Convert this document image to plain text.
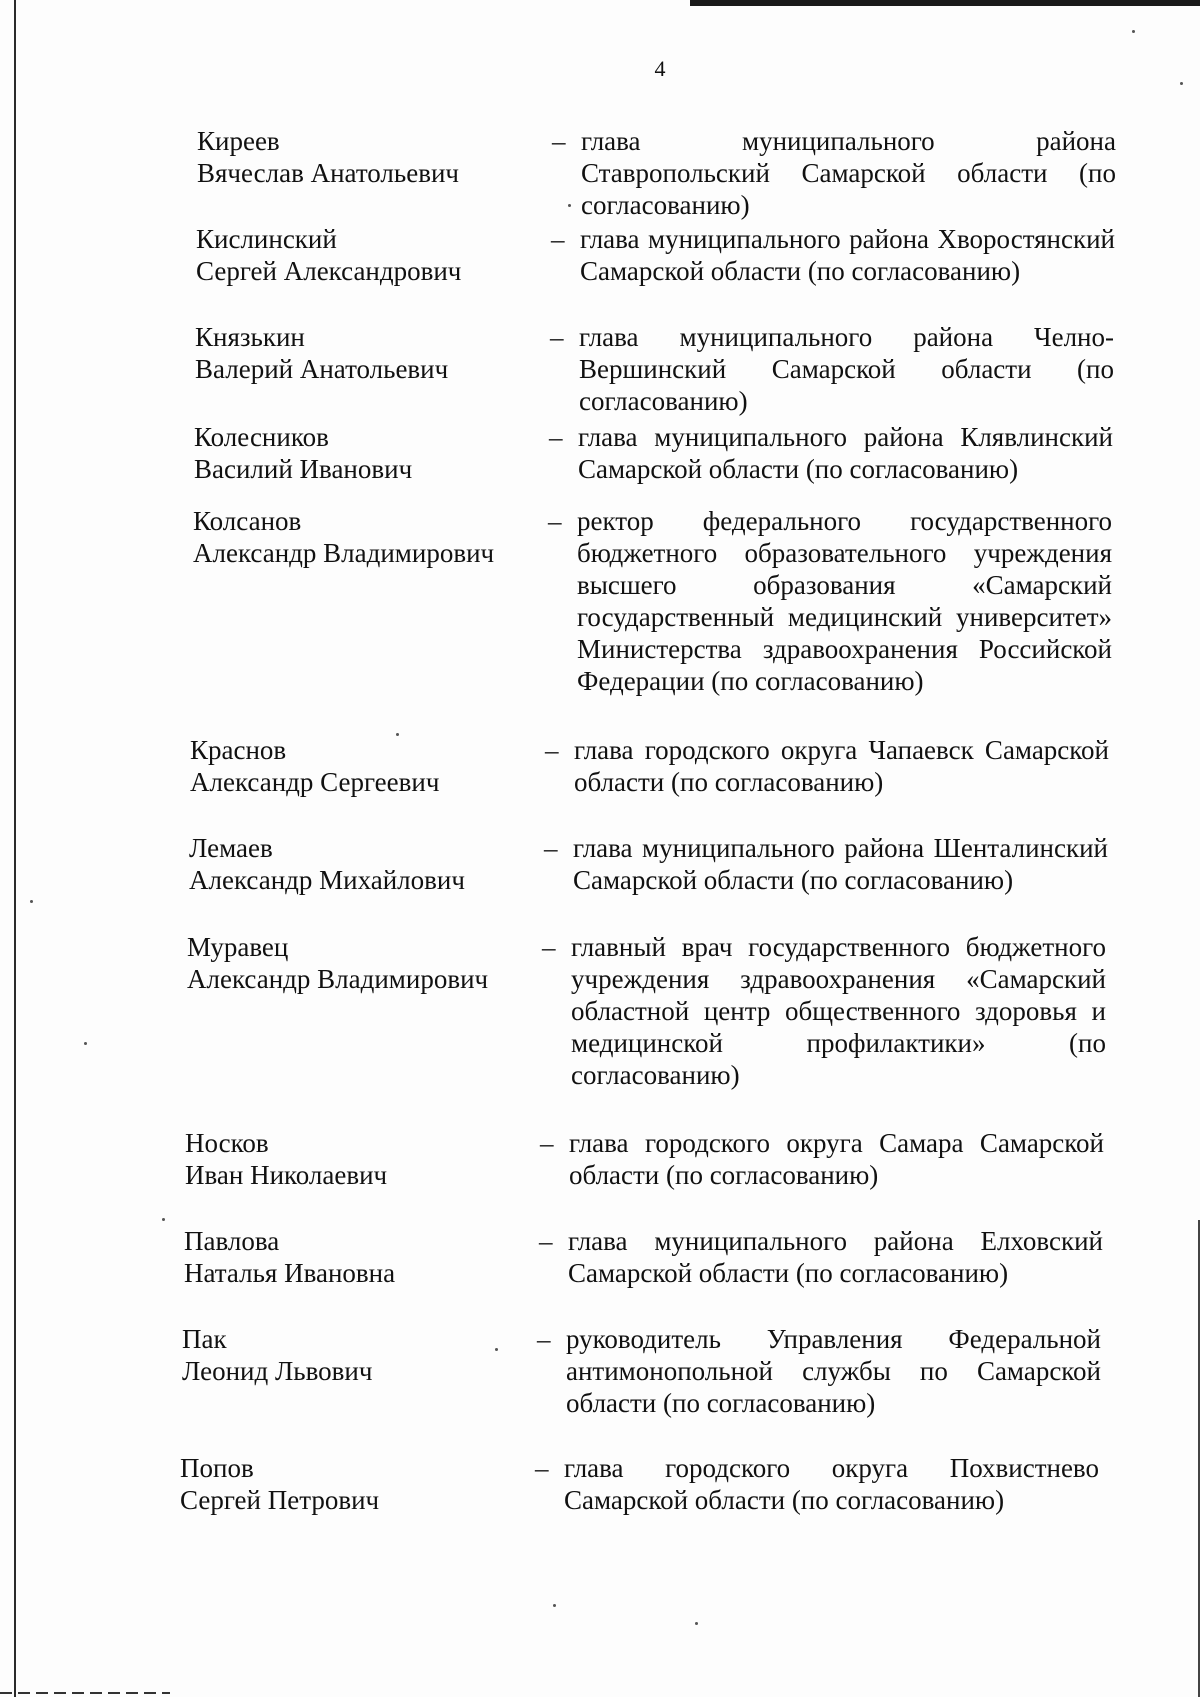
4
Киреев
Вячеслав Анатольевич
– глава муниципального района Ставропольский Самарской области (по согласованию)
Кислинский
Сергей Александрович
– глава муниципального района Хворостянский Самарской области (по согласованию)
Князькин
Валерий Анатольевич
– глава муниципального района Челно-Вершинский Самарской области (по согласованию)
Колесников
Василий Иванович
– глава муниципального района Клявлинский Самарской области (по согласованию)
Колсанов
Александр Владимирович
– ректор федерального государственного бюджетного образовательного учреждения высшего образования «Самарский государственный медицинский университет» Министерства здравоохранения Российской Федерации (по согласованию)
Краснов
Александр Сергеевич
– глава городского округа Чапаевск Самарской области (по согласованию)
Лемаев
Александр Михайлович
– глава муниципального района Шенталинский Самарской области (по согласованию)
Муравец
Александр Владимирович
– главный врач государственного бюджетного учреждения здравоохранения «Самарский областной центр общественного здоровья и медицинской профилактики» (по согласованию)
Носков
Иван Николаевич
– глава городского округа Самара Самарской области (по согласованию)
Павлова
Наталья Ивановна
– глава муниципального района Елховский Самарской области (по согласованию)
Пак
Леонид Львович
– руководитель Управления Федеральной антимонопольной службы по Самарской области (по согласованию)
Попов
Сергей Петрович
– глава городского округа Похвистнево Самарской области (по согласованию)
